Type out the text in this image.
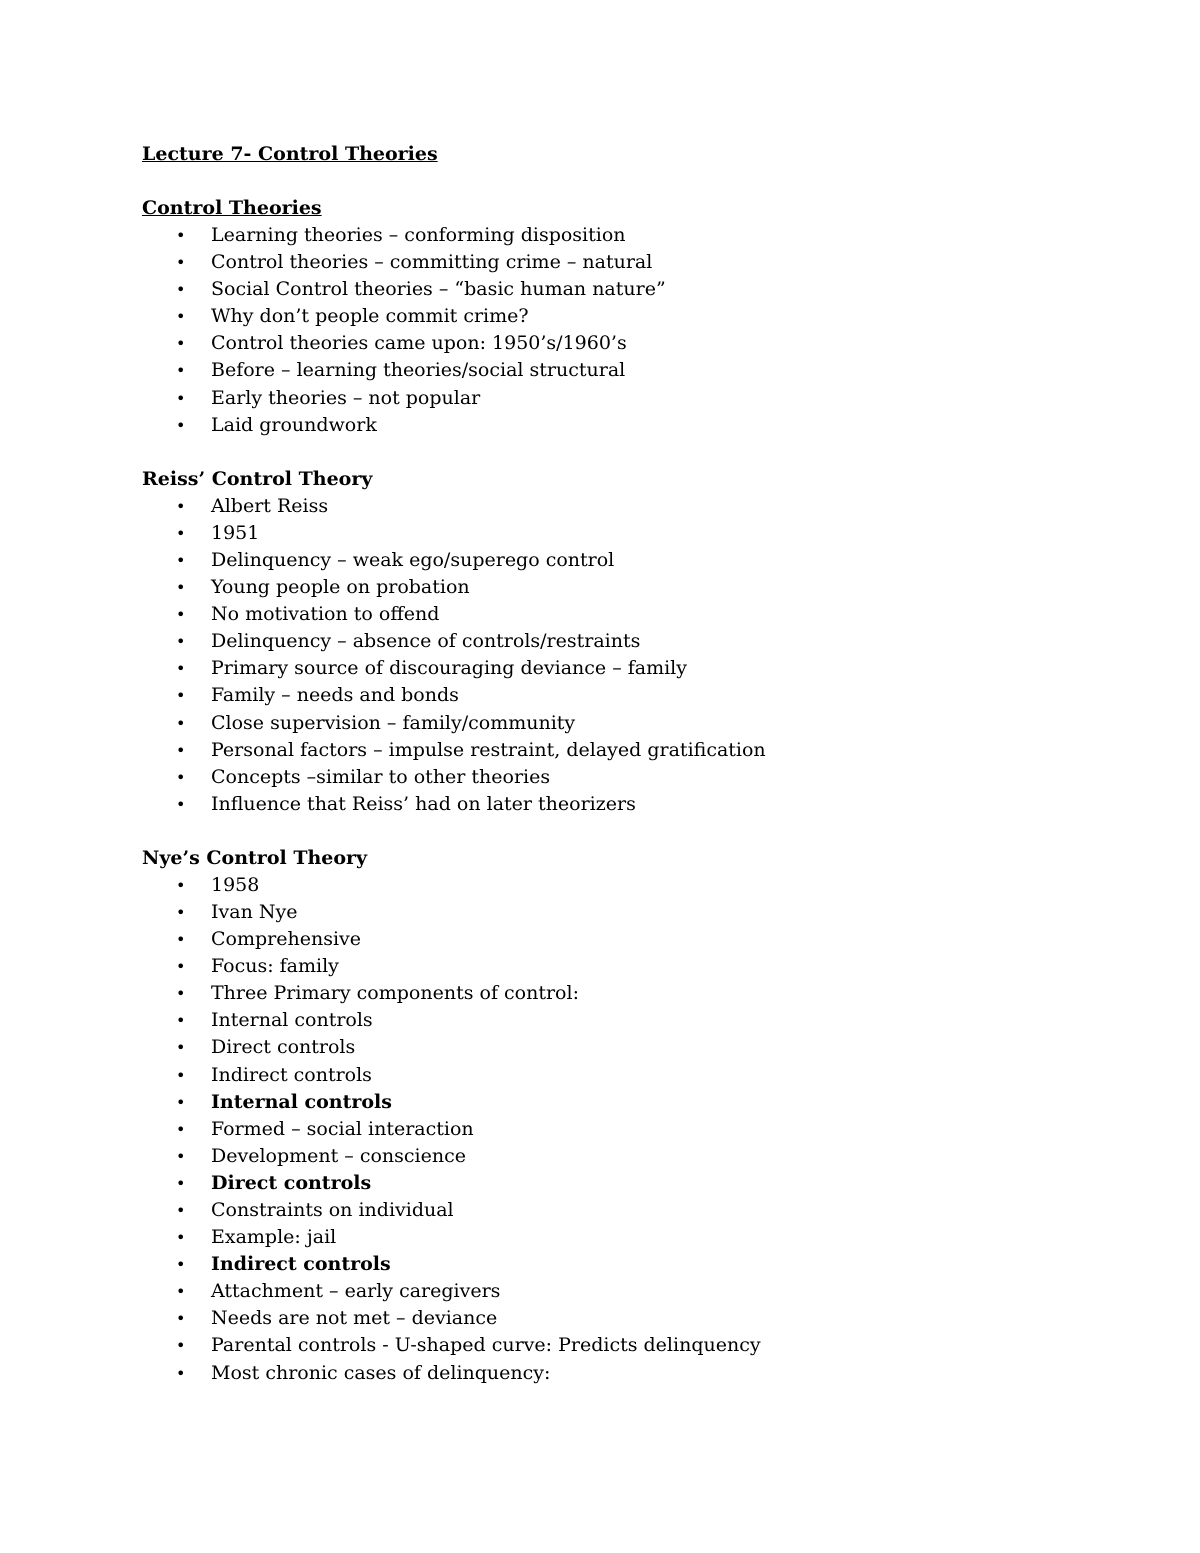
Lecture 7- Control Theories
Control Theories
• Learning theories – conforming disposition
• Control theories – committing crime – natural
• Social Control theories – “basic human nature”
• Why don’t people commit crime?
• Control theories came upon: 1950’s/1960’s
• Before – learning theories/social structural
• Early theories – not popular
• Laid groundwork
Reiss’ Control Theory
• Albert Reiss
• 1951
• Delinquency – weak ego/superego control
• Young people on probation
• No motivation to offend
• Delinquency – absence of controls/restraints
• Primary source of discouraging deviance – family
• Family – needs and bonds
• Close supervision – family/community
• Personal factors – impulse restraint, delayed gratification
• Concepts –similar to other theories
• Influence that Reiss’ had on later theorizers
Nye’s Control Theory
• 1958
• Ivan Nye
• Comprehensive
• Focus: family
• Three Primary components of control:
• Internal controls
• Direct controls
• Indirect controls
• Internal controls
• Formed – social interaction
• Development – conscience
• Direct controls
• Constraints on individual
• Example: jail
• Indirect controls
• Attachment – early caregivers
• Needs are not met – deviance
• Parental controls - U-shaped curve: Predicts delinquency
• Most chronic cases of delinquency:
